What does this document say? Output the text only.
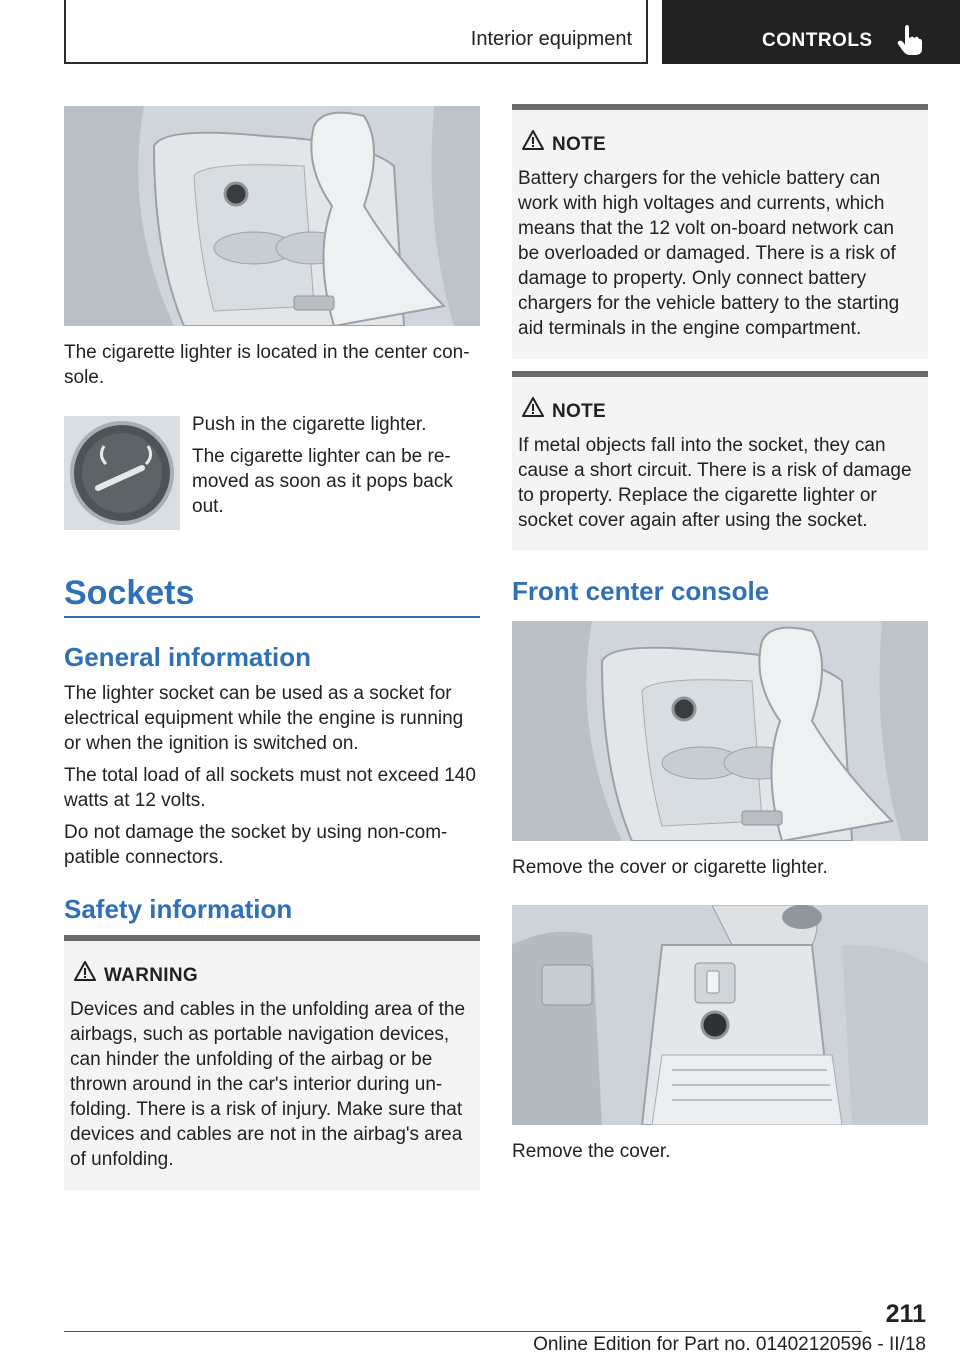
Interior equipment	CONTROLS

The cigarette lighter is located in the center con-sole.

Push in the cigarette lighter.

The cigarette lighter can be re-moved as soon as it pops back out.

Sockets
General information

The lighter socket can be used as a socket for electrical equipment while the engine is running or when the ignition is switched on.

The total load of all sockets must not exceed 140 watts at 12 volts.

Do not damage the socket by using non-com-patible connectors.

Safety information
WARNING
Devices and cables in the unfolding area of the airbags, such as portable navigation devices, can hinder the unfolding of the airbag or be thrown around in the car's interior during un-folding. There is a risk of injury. Make sure that devices and cables are not in the airbag's area of unfolding.
NOTE
Battery chargers for the vehicle battery can work with high voltages and currents, which means that the 12 volt on-board network can be overloaded or damaged. There is a risk of damage to property. Only connect battery chargers for the vehicle battery to the starting aid terminals in the engine compartment.
NOTE
If metal objects fall into the socket, they can cause a short circuit. There is a risk of damage to property. Replace the cigarette lighter or socket cover again after using the socket.
Front center console

Remove the cover or cigarette lighter.

Remove the cover.

211
Online Edition for Part no. 01402120596 - II/18
